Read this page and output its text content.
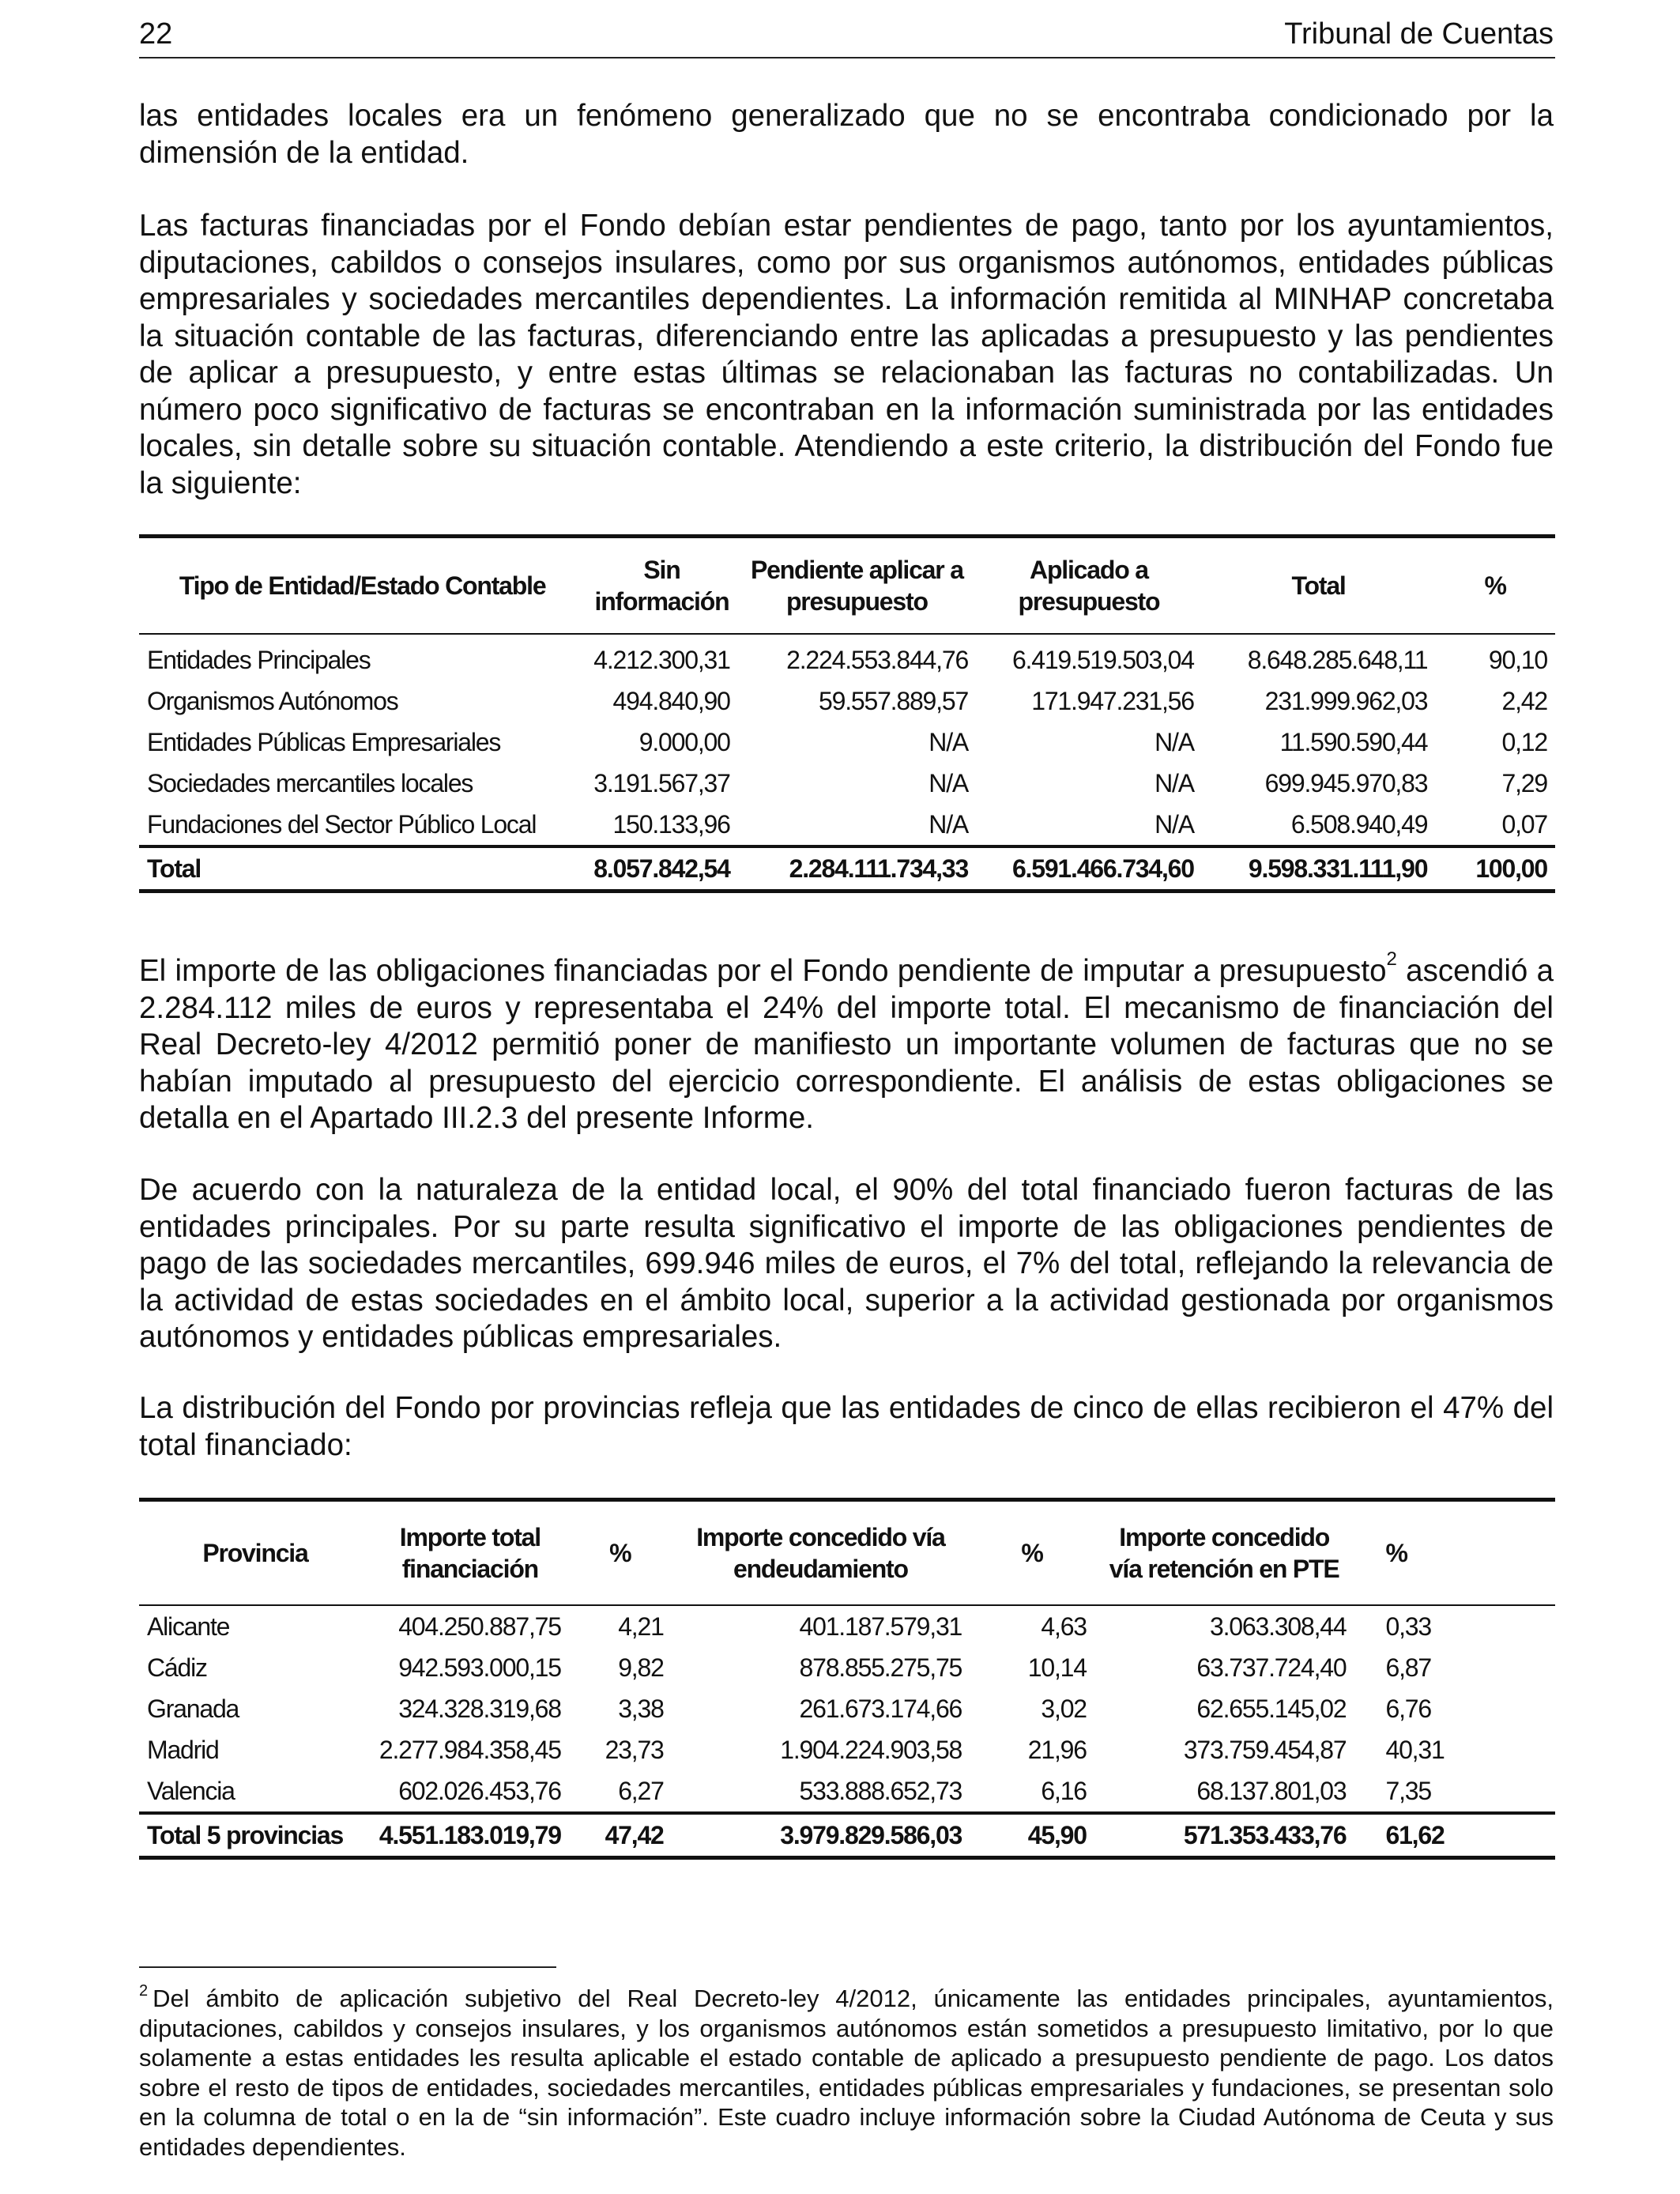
22	Tribunal de Cuentas

las entidades locales era un fenómeno generalizado que no se encontraba condicionado por la dimensión de la entidad.

Las facturas financiadas por el Fondo debían estar pendientes de pago, tanto por los ayuntamientos, diputaciones, cabildos o consejos insulares, como por sus organismos autónomos, entidades públicas empresariales y sociedades mercantiles dependientes. La información remitida al MINHAP concretaba la situación contable de las facturas, diferenciando entre las aplicadas a presupuesto y las pendientes de aplicar a presupuesto, y entre estas últimas se relacionaban las facturas no contabilizadas. Un número poco significativo de facturas se encontraban en la información suministrada por las entidades locales, sin detalle sobre su situación contable. Atendiendo a este criterio, la distribución del Fondo fue la siguiente:

Tipo de Entidad/Estado Contable	Sin información	Pendiente aplicar a presupuesto	Aplicado a presupuesto	Total	%
Entidades Principales	4.212.300,31	2.224.553.844,76	6.419.519.503,04	8.648.285.648,11	90,10
Organismos Autónomos	494.840,90	59.557.889,57	171.947.231,56	231.999.962,03	2,42
Entidades Públicas Empresariales	9.000,00	N/A	N/A	11.590.590,44	0,12
Sociedades mercantiles locales	3.191.567,37	N/A	N/A	699.945.970,83	7,29
Fundaciones del Sector Público Local	150.133,96	N/A	N/A	6.508.940,49	0,07
Total	8.057.842,54	2.284.111.734,33	6.591.466.734,60	9.598.331.111,90	100,00

El importe de las obligaciones financiadas por el Fondo pendiente de imputar a presupuesto$^2$ ascendió a 2.284.112 miles de euros y representaba el 24% del importe total. El mecanismo de financiación del Real Decreto-ley 4/2012 permitió poner de manifiesto un importante volumen de facturas que no se habían imputado al presupuesto del ejercicio correspondiente. El análisis de estas obligaciones se detalla en el Apartado III.2.3 del presente Informe.

De acuerdo con la naturaleza de la entidad local, el 90% del total financiado fueron facturas de las entidades principales. Por su parte resulta significativo el importe de las obligaciones pendientes de pago de las sociedades mercantiles, 699.946 miles de euros, el 7% del total, reflejando la relevancia de la actividad de estas sociedades en el ámbito local, superior a la actividad gestionada por organismos autónomos y entidades públicas empresariales.

La distribución del Fondo por provincias refleja que las entidades de cinco de ellas recibieron el 47% del total financiado:

Provincia	Importe total financiación	%	Importe concedido vía endeudamiento	%	Importe concedido vía retención en PTE	%
Alicante	404.250.887,75	4,21	401.187.579,31	4,63	3.063.308,44	0,33
Cádiz	942.593.000,15	9,82	878.855.275,75	10,14	63.737.724,40	6,87
Granada	324.328.319,68	3,38	261.673.174,66	3,02	62.655.145,02	6,76
Madrid	2.277.984.358,45	23,73	1.904.224.903,58	21,96	373.759.454,87	40,31
Valencia	602.026.453,76	6,27	533.888.652,73	6,16	68.137.801,03	7,35
Total 5 provincias	4.551.183.019,79	47,42	3.979.829.586,03	45,90	571.353.433,76	61,62

$^2$ Del ámbito de aplicación subjetivo del Real Decreto-ley 4/2012, únicamente las entidades principales, ayuntamientos, diputaciones, cabildos y consejos insulares, y los organismos autónomos están sometidos a presupuesto limitativo, por lo que solamente a estas entidades les resulta aplicable el estado contable de aplicado a presupuesto pendiente de pago. Los datos sobre el resto de tipos de entidades, sociedades mercantiles, entidades públicas empresariales y fundaciones, se presentan solo en la columna de total o en la de “sin información”. Este cuadro incluye información sobre la Ciudad Autónoma de Ceuta y sus entidades dependientes.
